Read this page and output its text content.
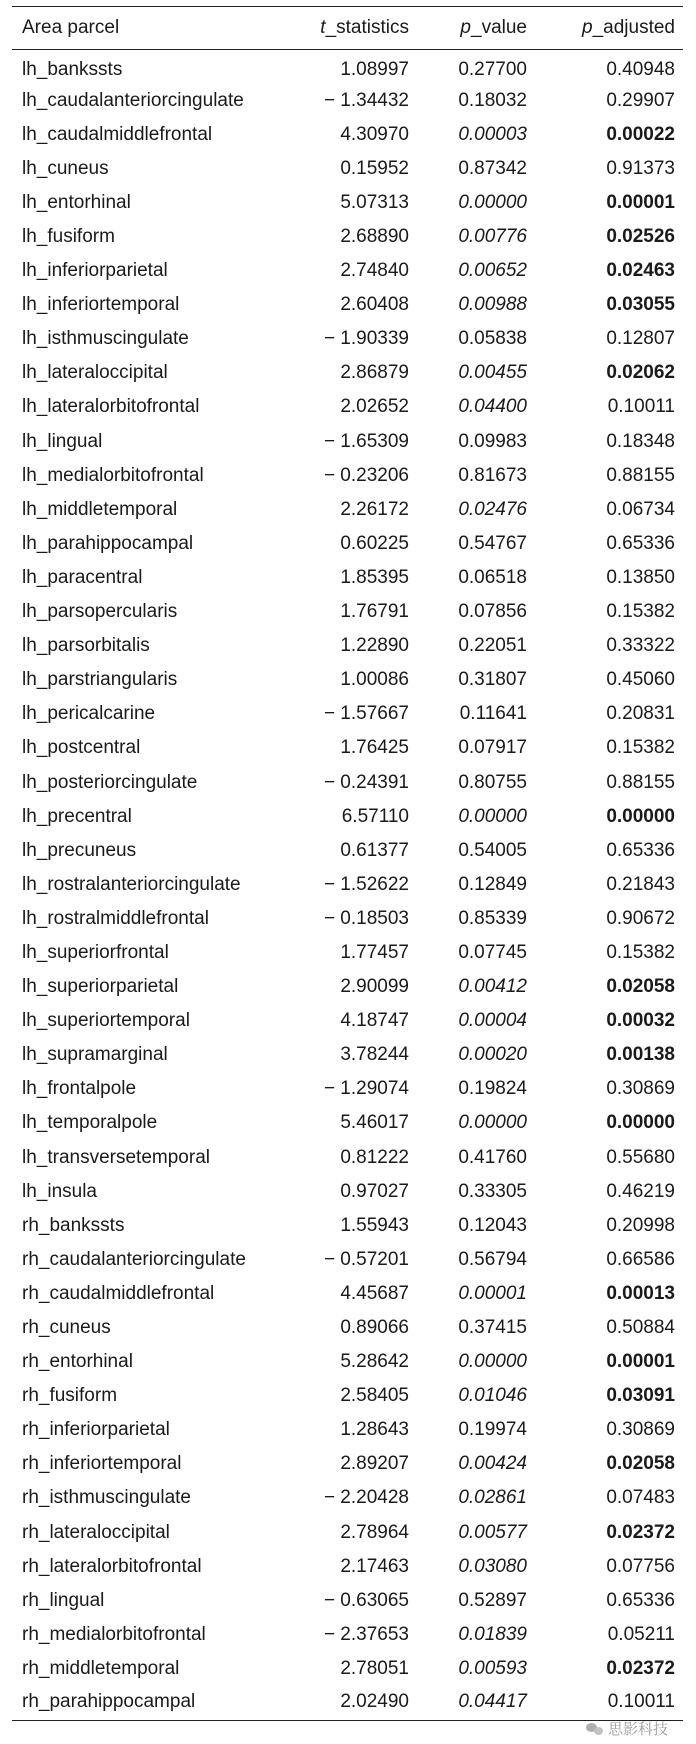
Area parcel	t_statistics	p_value	p_adjusted
lh_bankssts	1.08997	0.27700	0.40948
lh_caudalanteriorcingulate	− 1.34432	0.18032	0.29907
lh_caudalmiddlefrontal	4.30970	0.00003	0.00022
lh_cuneus	0.15952	0.87342	0.91373
lh_entorhinal	5.07313	0.00000	0.00001
lh_fusiform	2.68890	0.00776	0.02526
lh_inferiorparietal	2.74840	0.00652	0.02463
lh_inferiortemporal	2.60408	0.00988	0.03055
lh_isthmuscingulate	− 1.90339	0.05838	0.12807
lh_lateraloccipital	2.86879	0.00455	0.02062
lh_lateralorbitofrontal	2.02652	0.04400	0.10011
lh_lingual	− 1.65309	0.09983	0.18348
lh_medialorbitofrontal	− 0.23206	0.81673	0.88155
lh_middletemporal	2.26172	0.02476	0.06734
lh_parahippocampal	0.60225	0.54767	0.65336
lh_paracentral	1.85395	0.06518	0.13850
lh_parsopercularis	1.76791	0.07856	0.15382
lh_parsorbitalis	1.22890	0.22051	0.33322
lh_parstriangularis	1.00086	0.31807	0.45060
lh_pericalcarine	− 1.57667	0.11641	0.20831
lh_postcentral	1.76425	0.07917	0.15382
lh_posteriorcingulate	− 0.24391	0.80755	0.88155
lh_precentral	6.57110	0.00000	0.00000
lh_precuneus	0.61377	0.54005	0.65336
lh_rostralanteriorcingulate	− 1.52622	0.12849	0.21843
lh_rostralmiddlefrontal	− 0.18503	0.85339	0.90672
lh_superiorfrontal	1.77457	0.07745	0.15382
lh_superiorparietal	2.90099	0.00412	0.02058
lh_superiortemporal	4.18747	0.00004	0.00032
lh_supramarginal	3.78244	0.00020	0.00138
lh_frontalpole	− 1.29074	0.19824	0.30869
lh_temporalpole	5.46017	0.00000	0.00000
lh_transversetemporal	0.81222	0.41760	0.55680
lh_insula	0.97027	0.33305	0.46219
rh_bankssts	1.55943	0.12043	0.20998
rh_caudalanteriorcingulate	− 0.57201	0.56794	0.66586
rh_caudalmiddlefrontal	4.45687	0.00001	0.00013
rh_cuneus	0.89066	0.37415	0.50884
rh_entorhinal	5.28642	0.00000	0.00001
rh_fusiform	2.58405	0.01046	0.03091
rh_inferiorparietal	1.28643	0.19974	0.30869
rh_inferiortemporal	2.89207	0.00424	0.02058
rh_isthmuscingulate	− 2.20428	0.02861	0.07483
rh_lateraloccipital	2.78964	0.00577	0.02372
rh_lateralorbitofrontal	2.17463	0.03080	0.07756
rh_lingual	− 0.63065	0.52897	0.65336
rh_medialorbitofrontal	− 2.37653	0.01839	0.05211
rh_middletemporal	2.78051	0.00593	0.02372
rh_parahippocampal	2.02490	0.04417	0.10011
思影科技
